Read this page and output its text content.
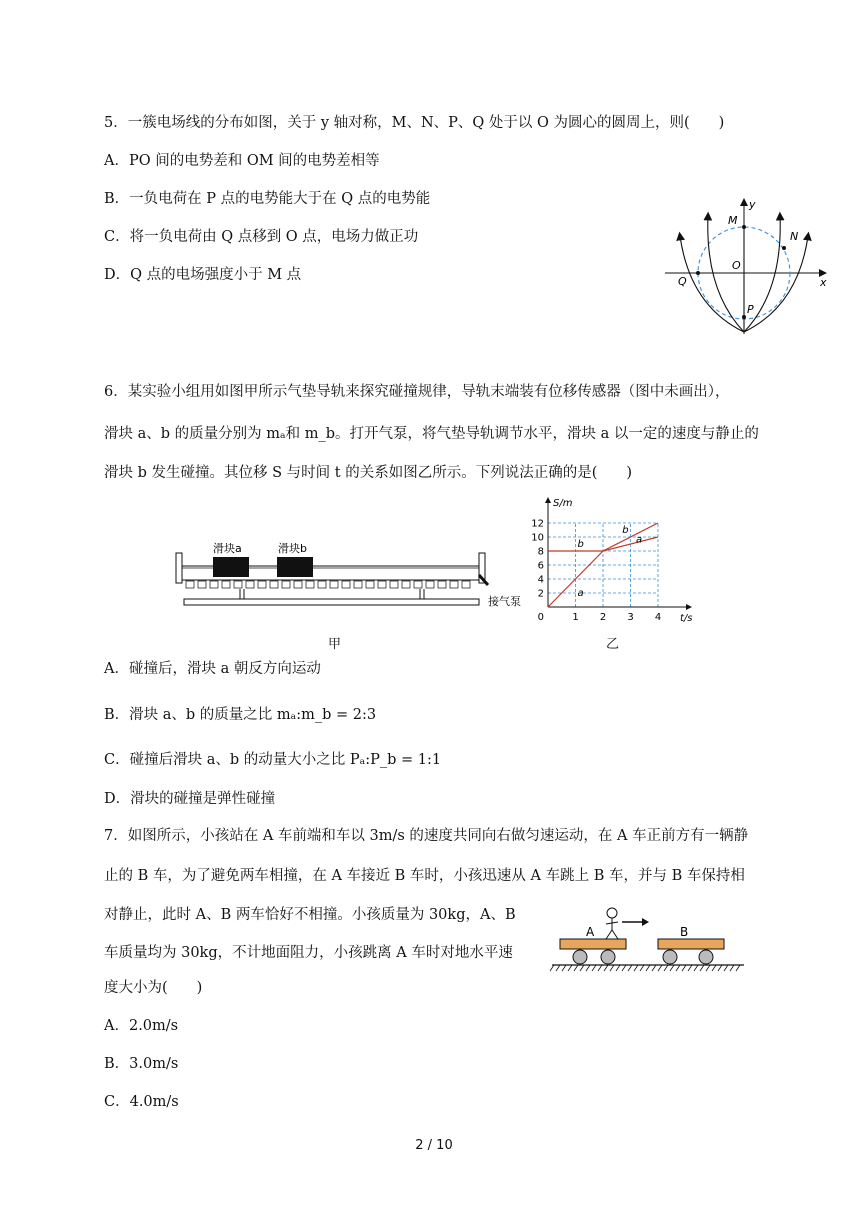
5．一簇电场线的分布如图，关于 y 轴对称，M、N、P、Q 处于以 O 为圆心的圆周上，则(　　)
A．PO 间的电势差和 OM 间的电势差相等
B．一负电荷在 P 点的电势能大于在 Q 点的电势能
C．将一负电荷由 Q 点移到 O 点，电场力做正功
D．Q 点的电场强度小于 M 点
y
x
M
N
O
Q
P
6．某实验小组用如图甲所示气垫导轨来探究碰撞规律，导轨末端装有位移传感器（图中未画出），
滑块 a、b 的质量分别为 mₐ和 m_b。打开气泵，将气垫导轨调节水平，滑块 a 以一定的速度与静止的
滑块 b 发生碰撞。其位移 S 与时间 t 的关系如图乙所示。下列说法正确的是(　　)
滑块a	滑块b
接气泵
甲
2
4
6
8
10
12
1 2 3 4
0	t/s
S/m
a
b
b
a
乙
A．碰撞后，滑块 a 朝反方向运动
B．滑块 a、b 的质量之比 mₐ:m_b = 2:3
C．碰撞后滑块 a、b 的动量大小之比 Pₐ:P_b = 1:1
D．滑块的碰撞是弹性碰撞
7．如图所示，小孩站在 A 车前端和车以 3m/s 的速度共同向右做匀速运动，在 A 车正前方有一辆静
止的 B 车，为了避免两车相撞，在 A 车接近 B 车时，小孩迅速从 A 车跳上 B 车，并与 B 车保持相
对静止，此时 A、B 两车恰好不相撞。小孩质量为 30kg，A、B
车质量均为 30kg，不计地面阻力，小孩跳离 A 车时对地水平速
度大小为(　　)
A	B
A．2.0m/s
B．3.0m/s
C．4.0m/s
2 / 10
